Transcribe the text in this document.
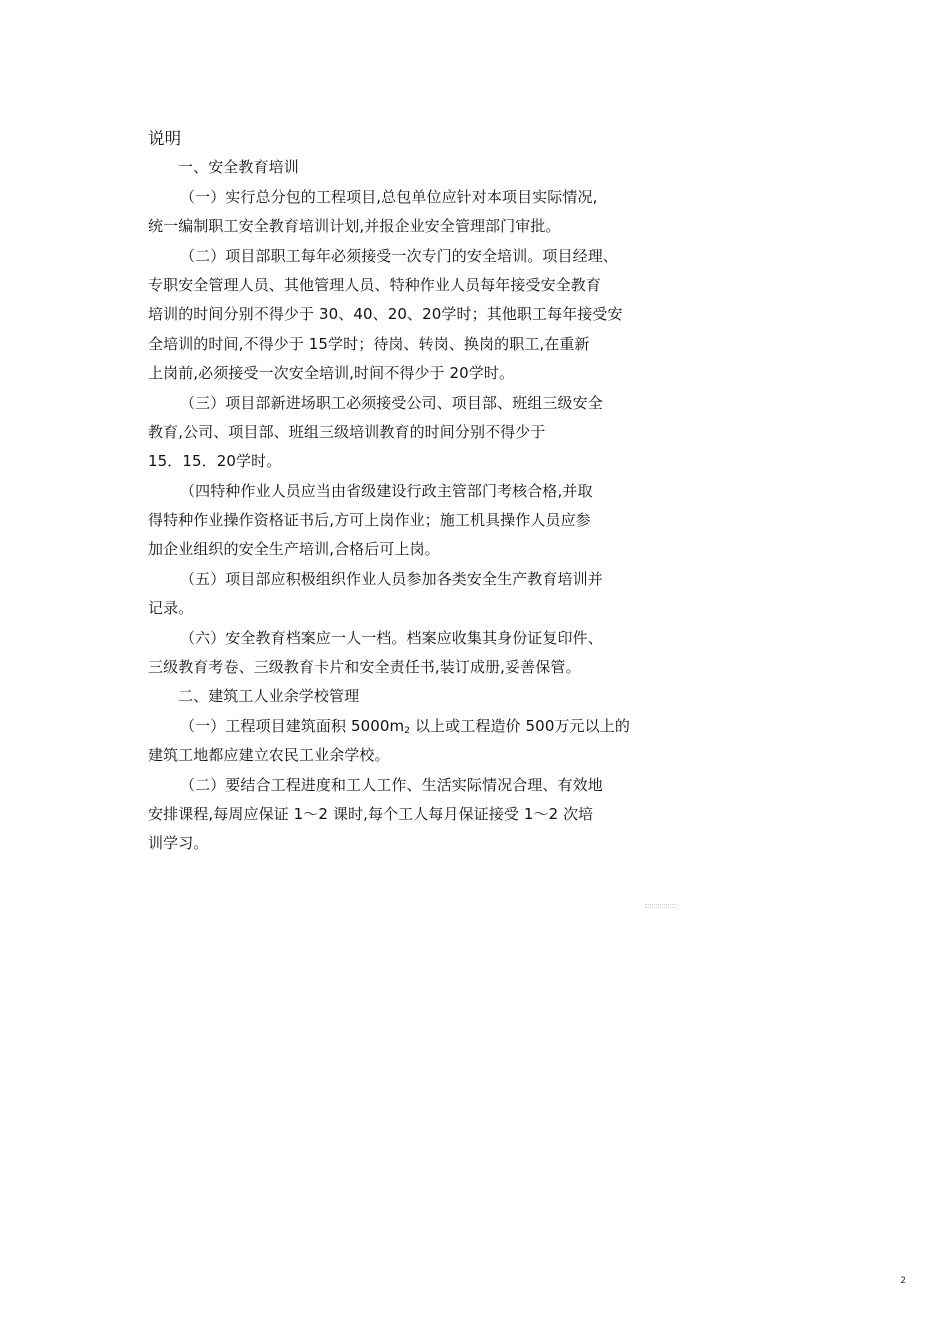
说明
一、安全教育培训
（一）实行总分包的工程项目,总包单位应针对本项目实际情况,
统一编制职工安全教育培训计划,并报企业安全管理部门审批。
（二）项目部职工每年必须接受一次专门的安全培训。项目经理、
专职安全管理人员、其他管理人员、特种作业人员每年接受安全教育
培训的时间分别不得少于 30、40、20、20学时；其他职工每年接受安
全培训的时间,不得少于 15学时；待岗、转岗、换岗的职工,在重新
上岗前,必须接受一次安全培训,时间不得少于 20学时。
（三）项目部新进场职工必须接受公司、项目部、班组三级安全
教育,公司、项目部、班组三级培训教育的时间分别不得少于
15．15．20学时。
（四特种作业人员应当由省级建设行政主管部门考核合格,并取
得特种作业操作资格证书后,方可上岗作业；施工机具操作人员应参
加企业组织的安全生产培训,合格后可上岗。
（五）项目部应积极组织作业人员参加各类安全生产教育培训并
记录。
（六）安全教育档案应一人一档。档案应收集其身份证复印件、
三级教育考卷、三级教育卡片和安全责任书,装订成册,妥善保管。
二、建筑工人业余学校管理
（一）工程项目建筑面积 $5000m_2$ 以上或工程造价 500万元以上的
建筑工地都应建立农民工业余学校。
（二）要结合工程进度和工人工作、生活实际情况合理、有效地
安排课程,每周应保证 1～2 课时,每个工人每月保证接受 1～2 次培
训学习。
2
